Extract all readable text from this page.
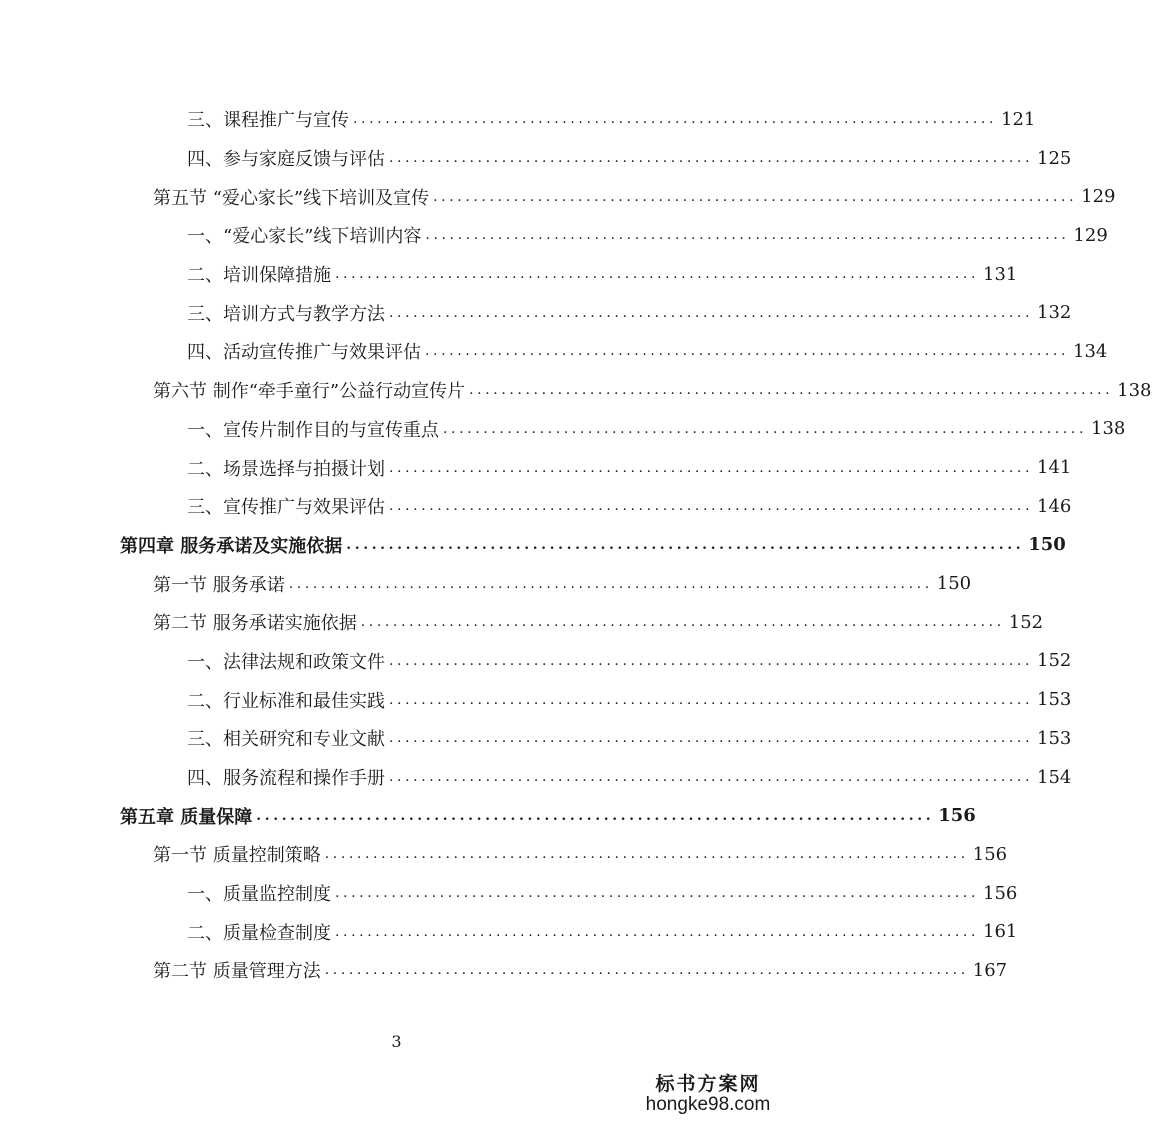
三、课程推广与宣传 ................................................................................ 121
四、参与家庭反馈与评估 ................................................................................ 125
第五节 “爱心家长”线下培训及宣传 ................................................................................ 129
一、“爱心家长”线下培训内容 ................................................................................ 129
二、培训保障措施 ................................................................................ 131
三、培训方式与教学方法 ................................................................................ 132
四、活动宣传推广与效果评估 ................................................................................ 134
第六节 制作“牵手童行”公益行动宣传片 ................................................................................ 138
一、宣传片制作目的与宣传重点 ................................................................................ 138
二、场景选择与拍摄计划 ................................................................................ 141
三、宣传推广与效果评估 ................................................................................ 146
第四章 服务承诺及实施依据 ................................................................................ 150
第一节 服务承诺 ................................................................................ 150
第二节 服务承诺实施依据 ................................................................................ 152
一、法律法规和政策文件 ................................................................................ 152
二、行业标准和最佳实践 ................................................................................ 153
三、相关研究和专业文献 ................................................................................ 153
四、服务流程和操作手册 ................................................................................ 154
第五章 质量保障 ................................................................................ 156
第一节 质量控制策略 ................................................................................ 156
一、质量监控制度 ................................................................................ 156
二、质量检查制度 ................................................................................ 161
第二节 质量管理方法 ................................................................................ 167
3
标书方案网
hongke98.com
